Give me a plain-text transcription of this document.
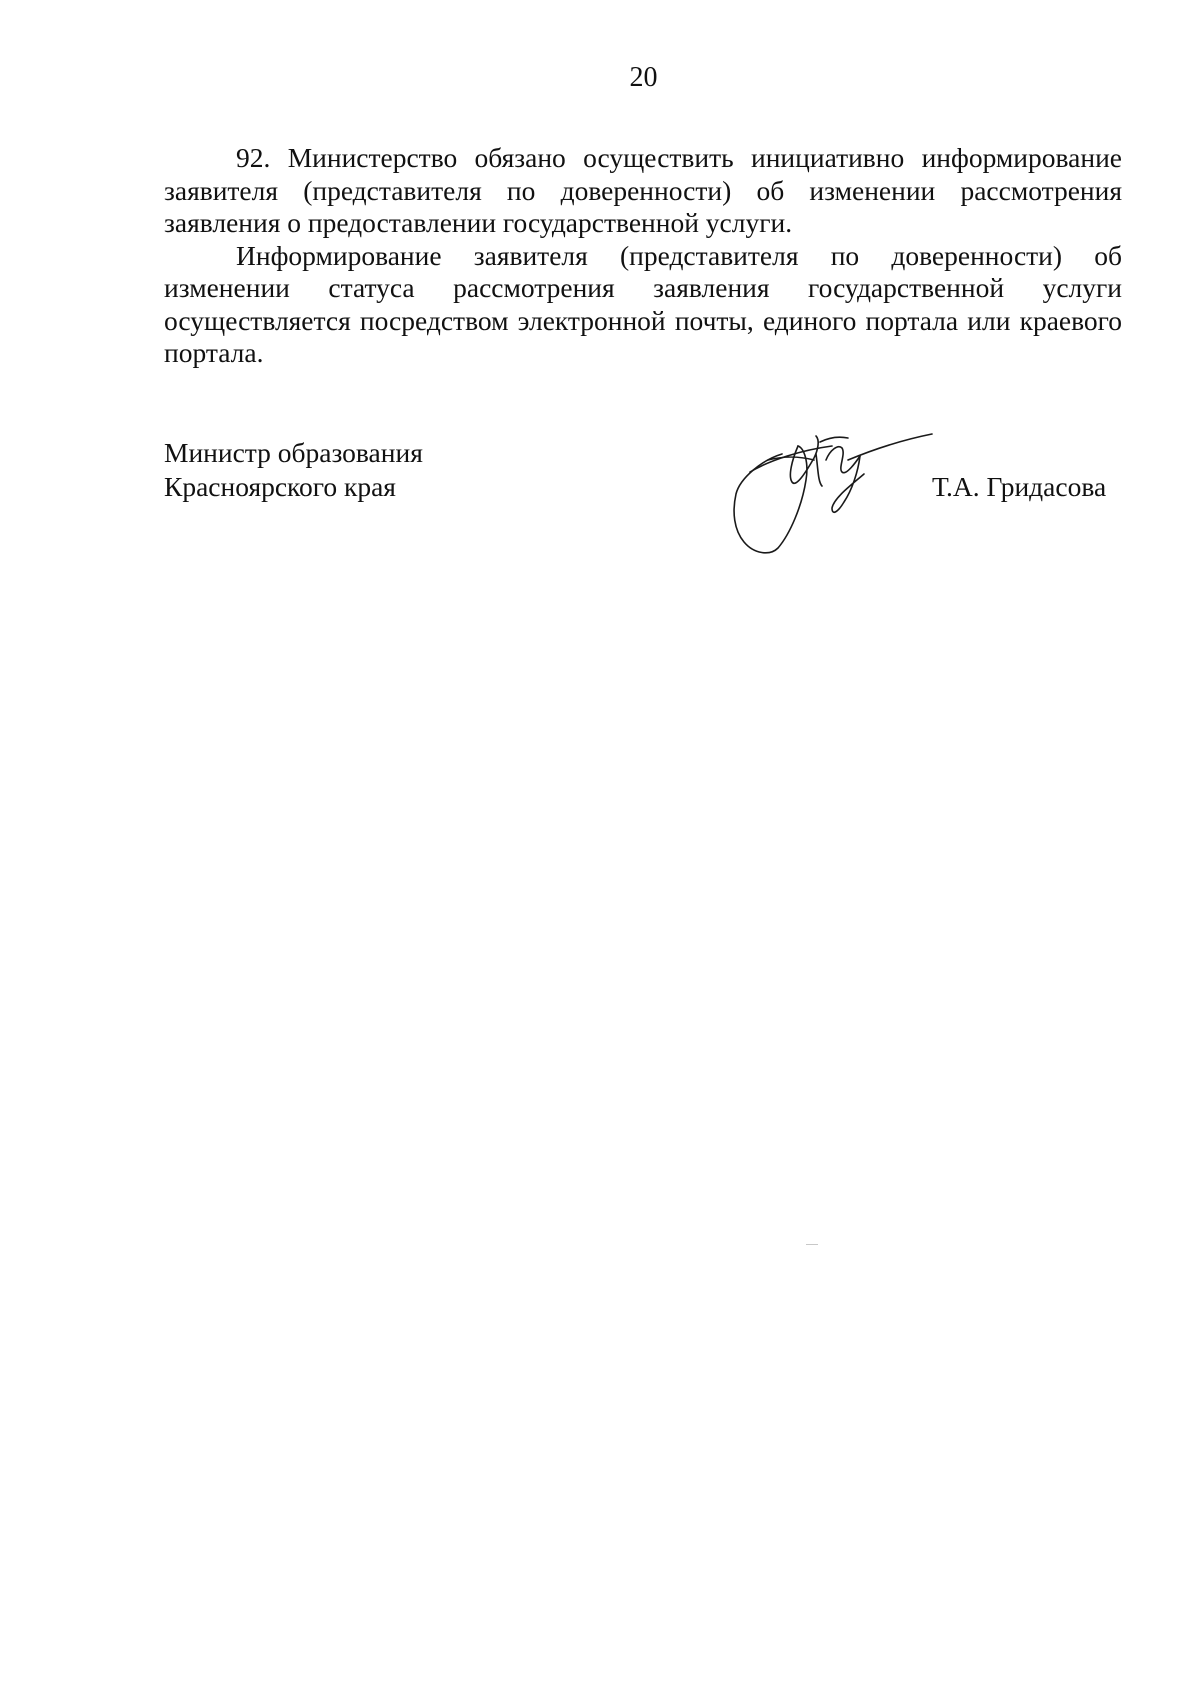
20

92. Министерство обязано осуществить инициативно информирование заявителя (представителя по доверенности) об изменении рассмотрения заявления о предоставлении государственной услуги.

Информирование заявителя (представителя по доверенности) об изменении статуса рассмотрения заявления государственной услуги осуществляется посредством электронной почты, единого портала или краевого портала.

Министр образования
Красноярского края	Т.А. Гридасова
